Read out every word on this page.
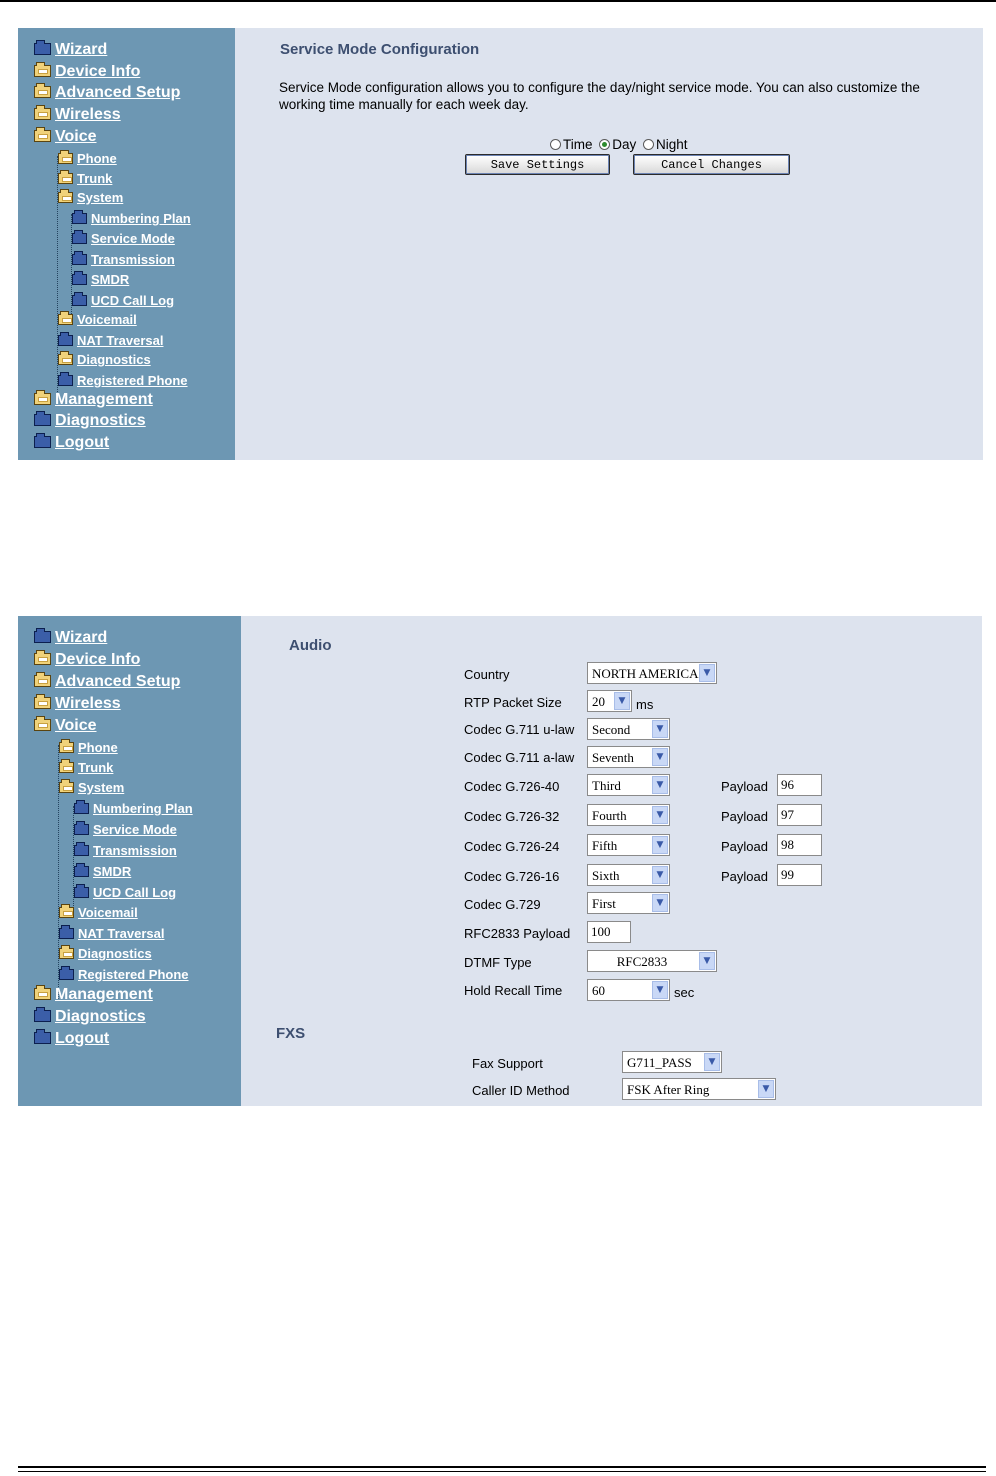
Wizard
Device Info
Advanced Setup
Wireless
Voice
Phone
Trunk
System
Numbering Plan
Service Mode
Transmission
SMDR
UCD Call Log
Voicemail
NAT Traversal
Diagnostics
Registered Phone
Management
Diagnostics
Logout
Service Mode Configuration
Service Mode configuration allows you to configure the day/night service mode. You can also customize the
working time manually for each week day.
Time Day Night
Save Settings	Cancel Changes
Wizard
Device Info
Advanced Setup
Wireless
Voice
Phone
Trunk
System
Numbering Plan
Service Mode
Transmission
SMDR
UCD Call Log
Voicemail
NAT Traversal
Diagnostics
Registered Phone
Management
Diagnostics
Logout
Audio
Country	NORTH AMERICA ▼
RTP Packet Size 20	▼ ms
Codec G.711 u-law Second	▼
Codec G.711 a-law Seventh	▼
Codec G.726-40	Third	▼	Payload	96
Codec G.726-32	Fourth	▼	Payload	97
Codec G.726-24	Fifth	▼	Payload	98
Codec G.726-16	Sixth	▼	Payload	99
Codec G.729	First	▼
RFC2833 Payload	100
DTMF Type	RFC2833	▼
Hold Recall Time 60	▼ sec
FXS
Fax Support	G711_PASS	▼
Caller ID Method	FSK After Ring	▼
